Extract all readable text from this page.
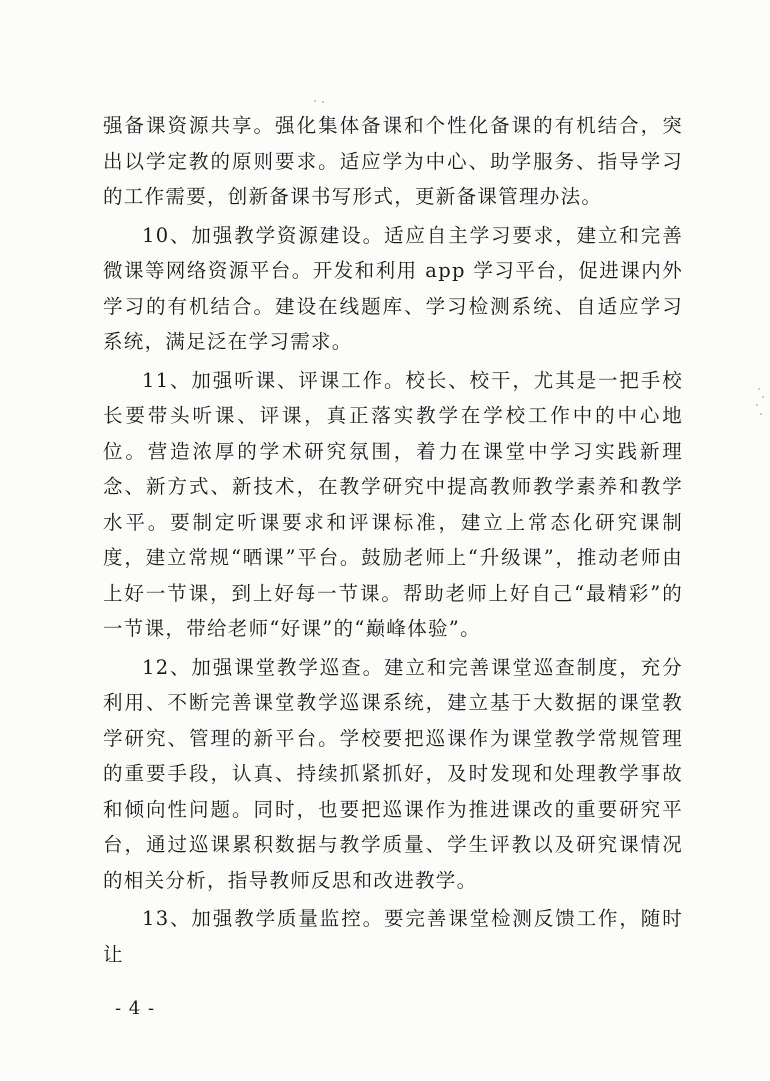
强备课资源共享。强化集体备课和个性化备课的有机结合，突出以学定教的原则要求。适应学为中心、助学服务、指导学习的工作需要，创新备课书写形式，更新备课管理办法。

10、加强教学资源建设。适应自主学习要求，建立和完善微课等网络资源平台。开发和利用 app 学习平台，促进课内外学习的有机结合。建设在线题库、学习检测系统、自适应学习系统，满足泛在学习需求。

11、加强听课、评课工作。校长、校干，尤其是一把手校长要带头听课、评课，真正落实教学在学校工作中的中心地位。营造浓厚的学术研究氛围，着力在课堂中学习实践新理念、新方式、新技术，在教学研究中提高教师教学素养和教学水平。要制定听课要求和评课标准，建立上常态化研究课制度，建立常规“晒课”平台。鼓励老师上“升级课”，推动老师由上好一节课，到上好每一节课。帮助老师上好自己“最精彩”的一节课，带给老师“好课”的“巅峰体验”。

12、加强课堂教学巡查。建立和完善课堂巡查制度，充分利用、不断完善课堂教学巡课系统，建立基于大数据的课堂教学研究、管理的新平台。学校要把巡课作为课堂教学常规管理的重要手段，认真、持续抓紧抓好，及时发现和处理教学事故和倾向性问题。同时，也要把巡课作为推进课改的重要研究平台，通过巡课累积数据与教学质量、学生评教以及研究课情况的相关分析，指导教师反思和改进教学。

13、加强教学质量监控。要完善课堂检测反馈工作，随时让

- 4 -
